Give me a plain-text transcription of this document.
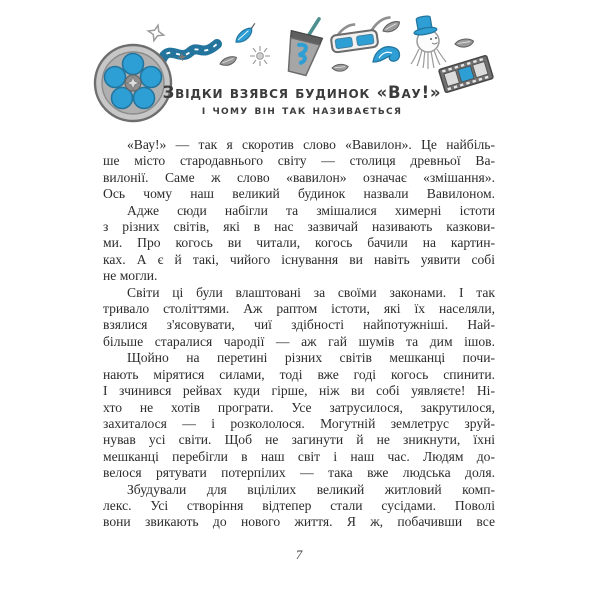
Звідки взявся будинок «Вау!»
і чому він так називається
«Вау!» — так я скоротив слово «Вавилон». Це найбіль-
ше місто стародавнього світу — столиця древньої Ва-
вилонії. Саме ж слово «вавилон» означає «змішання».
Ось чому наш великий будинок назвали Вавилоном.
Адже сюди набігли та змішалися химерні істоти
з різних світів, які в нас зазвичай називають казкови-
ми. Про когось ви читали, когось бачили на картин-
ках. А є й такі, чийого існування ви навіть уявити собі
не могли.
Світи ці були влаштовані за своїми законами. І так
тривало століттями. Аж раптом істоти, які їх населяли,
взялися з'ясовувати, чиї здібності найпотужніші. Най-
більше старалися чародії — аж гай шумів та дим ішов.
Щойно на перетині різних світів мешканці почи-
нають мірятися силами, тоді вже годі когось спинити.
І зчинився рейвах куди гірше, ніж ви собі уявляєте! Ні-
хто не хотів програти. Усе затрусилося, закрутилося,
захиталося — і розкололося. Могутній землетрус зруй-
нував усі світи. Щоб не загинути й не зникнути, їхні
мешканці перебігли в наш світ і наш час. Людям до-
велося рятувати потерпілих — така вже людська доля.
Збудували для вцілілих великий житловий комп-
лекс. Усі створіння відтепер стали сусідами. Поволі
вони звикають до нового життя. Я ж, побачивши все
7
